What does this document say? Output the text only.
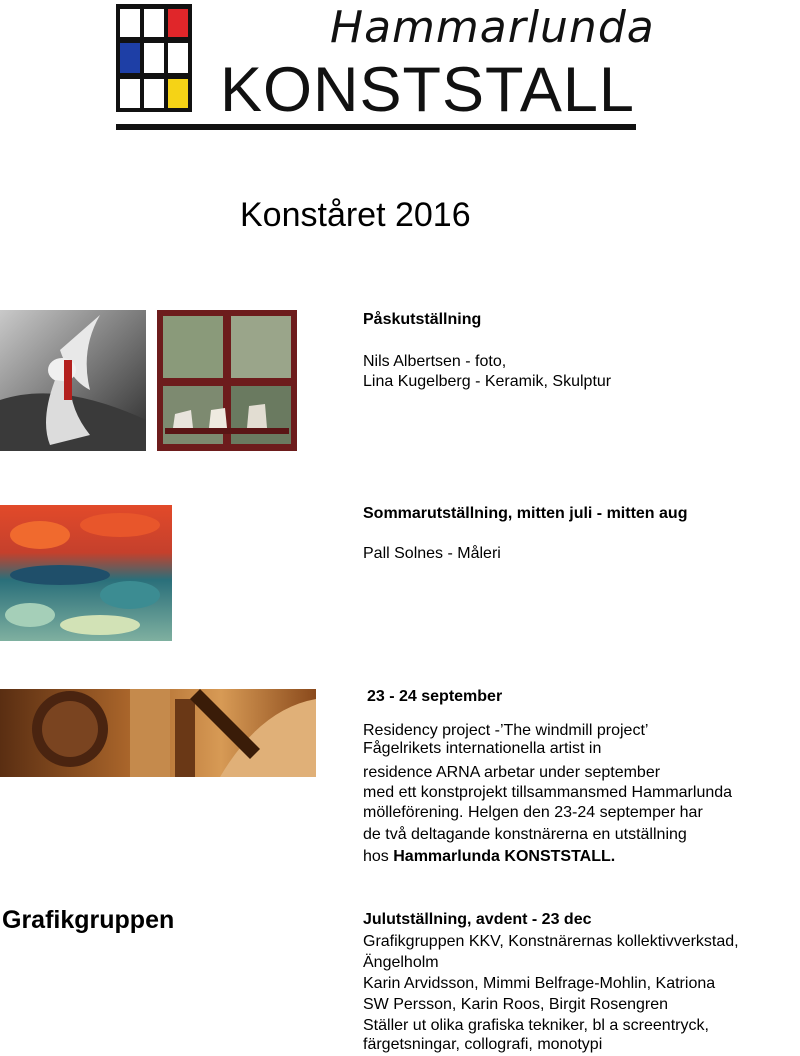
Hammarlunda
KONSTSTALL
Konståret 2016
Påskutställning
Nils Albertsen - foto,
Lina Kugelberg - Keramik, Skulptur
Sommarutställning, mitten juli - mitten aug
Pall Solnes - Måleri
23 - 24 september
Residency project -’The windmill project’
Fågelrikets internationella artist in
residence ARNA arbetar under september
med ett konstprojekt tillsammansmed Hammarlunda
mölleförening. Helgen den 23-24 septemper har
de två deltagande konstnärerna en utställning
hos Hammarlunda KONSTSTALL.
Grafikgruppen	Julutställning, avdent - 23 dec
Grafikgruppen KKV, Konstnärernas kollektivverkstad,
Ängelholm
Karin Arvidsson, Mimmi Belfrage-Mohlin, Katriona
SW Persson, Karin Roos, Birgit Rosengren
Ställer ut olika grafiska tekniker, bl a screentryck,
färgetsningar, collografi, monotypi
